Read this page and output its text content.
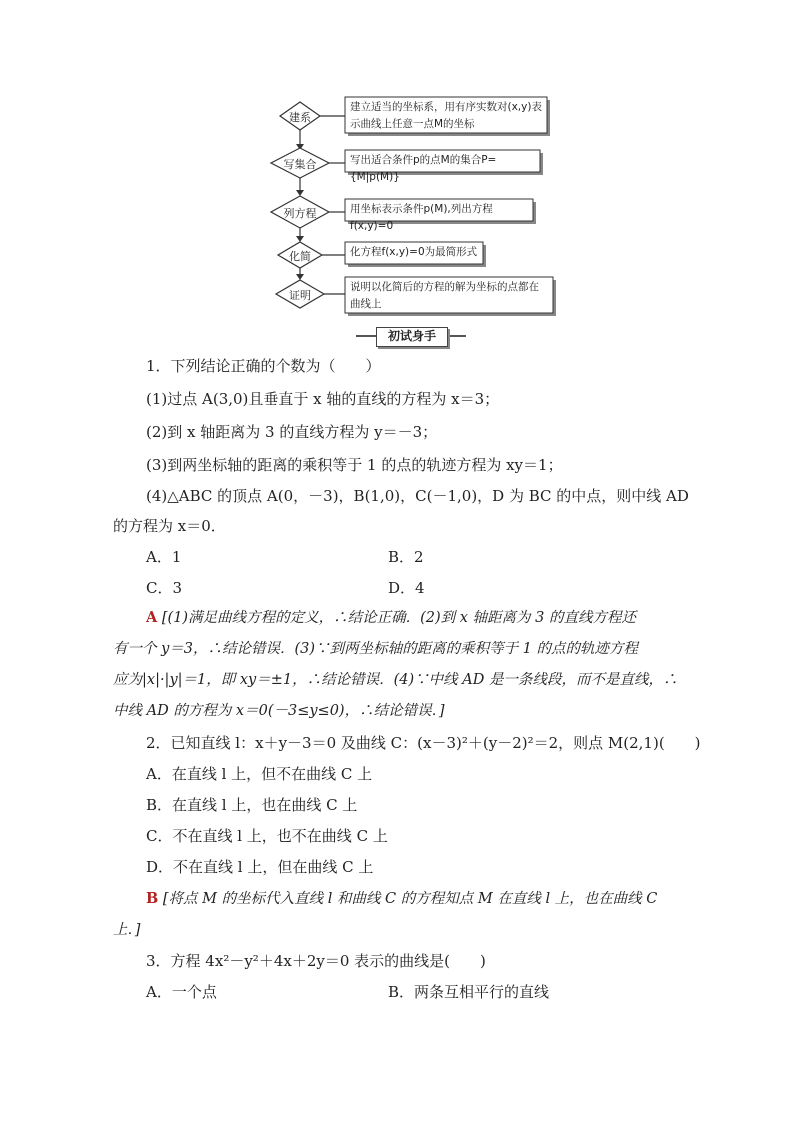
建系
写集合
列方程
化简
证明
建立适当的坐标系，用有序实数对(x,y)表
示曲线上任意一点M的坐标
写出适合条件p的点M的集合P={M|p(M)}
用坐标表示条件p(M),列出方程f(x,y)=0
化方程f(x,y)=0为最简形式
说明以化简后的方程的解为坐标的点都在
曲线上
初试身手
1．下列结论正确的个数为（　　）
(1)过点 A(3,0)且垂直于 x 轴的直线的方程为 x＝3；
(2)到 x 轴距离为 3 的直线方程为 y＝－3；
(3)到两坐标轴的距离的乘积等于 1 的点的轨迹方程为 xy＝1；
(4)△ABC 的顶点 A(0，－3)，B(1,0)，C(－1,0)，D 为 BC 的中点，则中线 AD
的方程为 x＝0．
A．1	B．2
C．3	D．4
A [(1)满足曲线方程的定义，∴结论正确．(2)到 x 轴距离为 3 的直线方程还
有一个 y＝3，∴结论错误．(3)∵到两坐标轴的距离的乘积等于 1 的点的轨迹方程
应为|x|·|y|＝1，即 xy＝±1，∴结论错误．(4)∵中线 AD 是一条线段，而不是直线，∴
中线 AD 的方程为 x＝0(－3≤y≤0)，∴结论错误．]
2．已知直线 l：x＋y－3＝0 及曲线 C：(x－3)²＋(y－2)²＝2，则点 M(2,1)(　　)
A．在直线 l 上，但不在曲线 C 上
B．在直线 l 上，也在曲线 C 上
C．不在直线 l 上，也不在曲线 C 上
D．不在直线 l 上，但在曲线 C 上
B [将点 M 的坐标代入直线 l 和曲线 C 的方程知点 M 在直线 l 上，也在曲线 C
上．]
3．方程 4x²－y²＋4x＋2y＝0 表示的曲线是(　　)
A．一个点	B．两条互相平行的直线
